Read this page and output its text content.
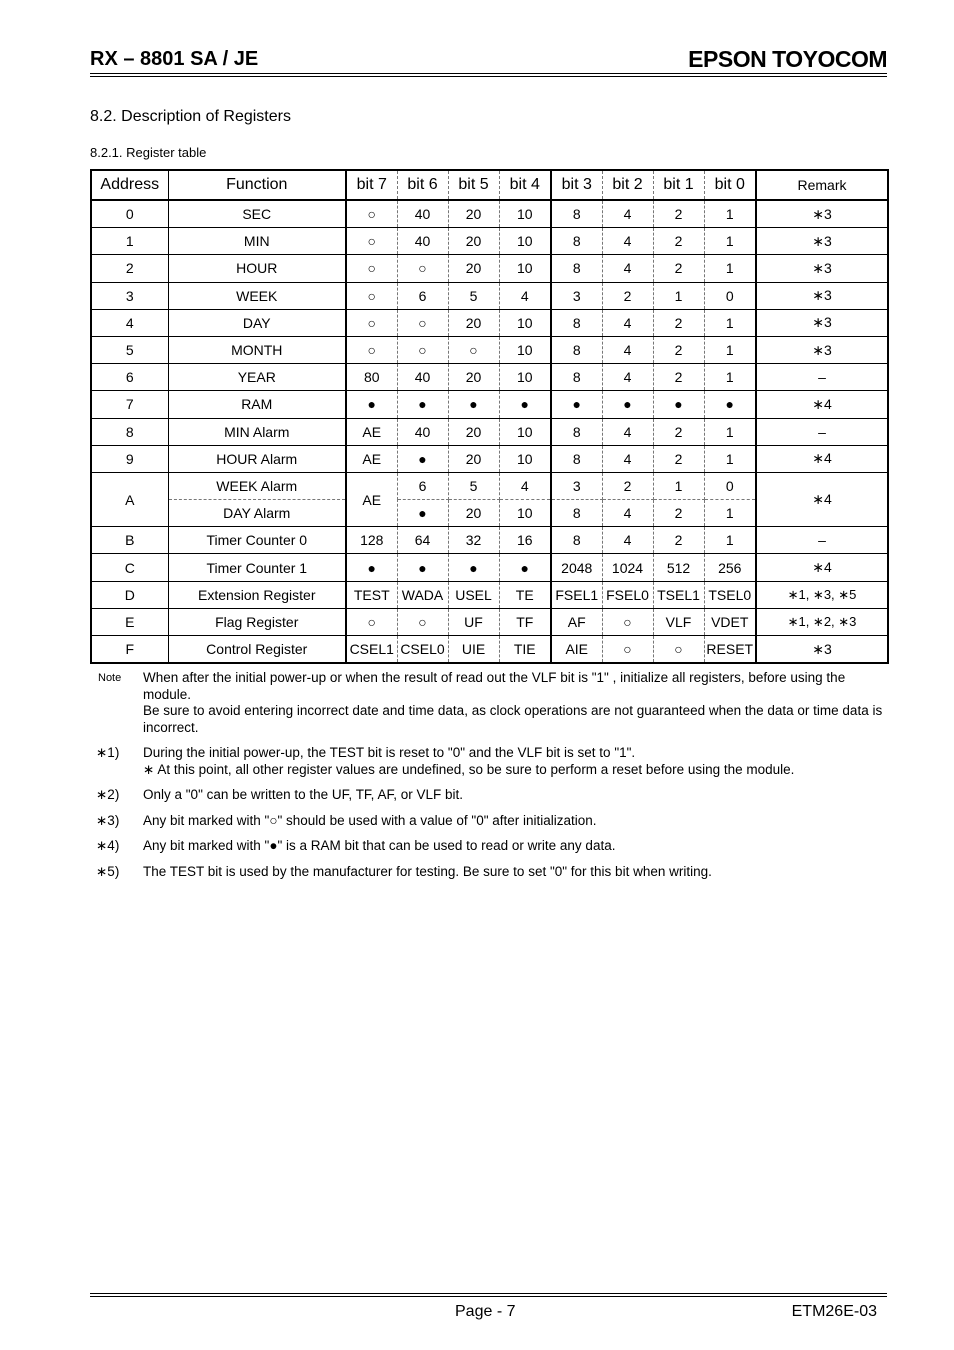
RX – 8801 SA / JE	EPSON TOYOCOM
8.2. Description of Registers
8.2.1. Register table
Address	Function	bit 7	bit 6	bit 5	bit 4	bit 3	bit 2	bit 1	bit 0	Remark
0	SEC	○	40	20	10	8	4	2	1	∗3
1	MIN	○	40	20	10	8	4	2	1	∗3
2	HOUR	○	○	20	10	8	4	2	1	∗3
3	WEEK	○	6	5	4	3	2	1	0	∗3
4	DAY	○	○	20	10	8	4	2	1	∗3
5	MONTH	○	○	○	10	8	4	2	1	∗3
6	YEAR	80	40	20	10	8	4	2	1	–
7	RAM	●	●	●	●	●	●	●	●	∗4
8	MIN Alarm	AE	40	20	10	8	4	2	1	–
9	HOUR Alarm	AE	●	20	10	8	4	2	1	∗4
A	WEEK Alarm	AE	6	5	4	3	2	1	0	∗4
	DAY Alarm		●	20	10	8	4	2	1	
B	Timer Counter 0	128	64	32	16	8	4	2	1	–
C	Timer Counter 1	●	●	●	●	2048	1024	512	256	∗4
D	Extension Register	TEST	WADA	USEL	TE	FSEL1	FSEL0	TSEL1	TSEL0	∗1, ∗3, ∗5
E	Flag Register	○	○	UF	TF	AF	○	VLF	VDET	∗1, ∗2, ∗3
F	Control Register	CSEL1	CSEL0	UIE	TIE	AIE	○	○	RESET	∗3
Note When after the initial power-up or when the result of read out the VLF bit is "1" , initialize all registers, before using the module.
Be sure to avoid entering incorrect date and time data, as clock operations are not guaranteed when the data or time data is incorrect.
∗1) During the initial power-up, the TEST bit is reset to "0" and the VLF bit is set to "1".
∗ At this point, all other register values are undefined, so be sure to perform a reset before using the module.
∗2) Only a "0" can be written to the UF, TF, AF, or VLF bit.
∗3) Any bit marked with "○" should be used with a value of "0" after initialization.
∗4) Any bit marked with "●" is a RAM bit that can be used to read or write any data.
∗5) The TEST bit is used by the manufacturer for testing. Be sure to set "0" for this bit when writing.
Page - 7	ETM26E-03
